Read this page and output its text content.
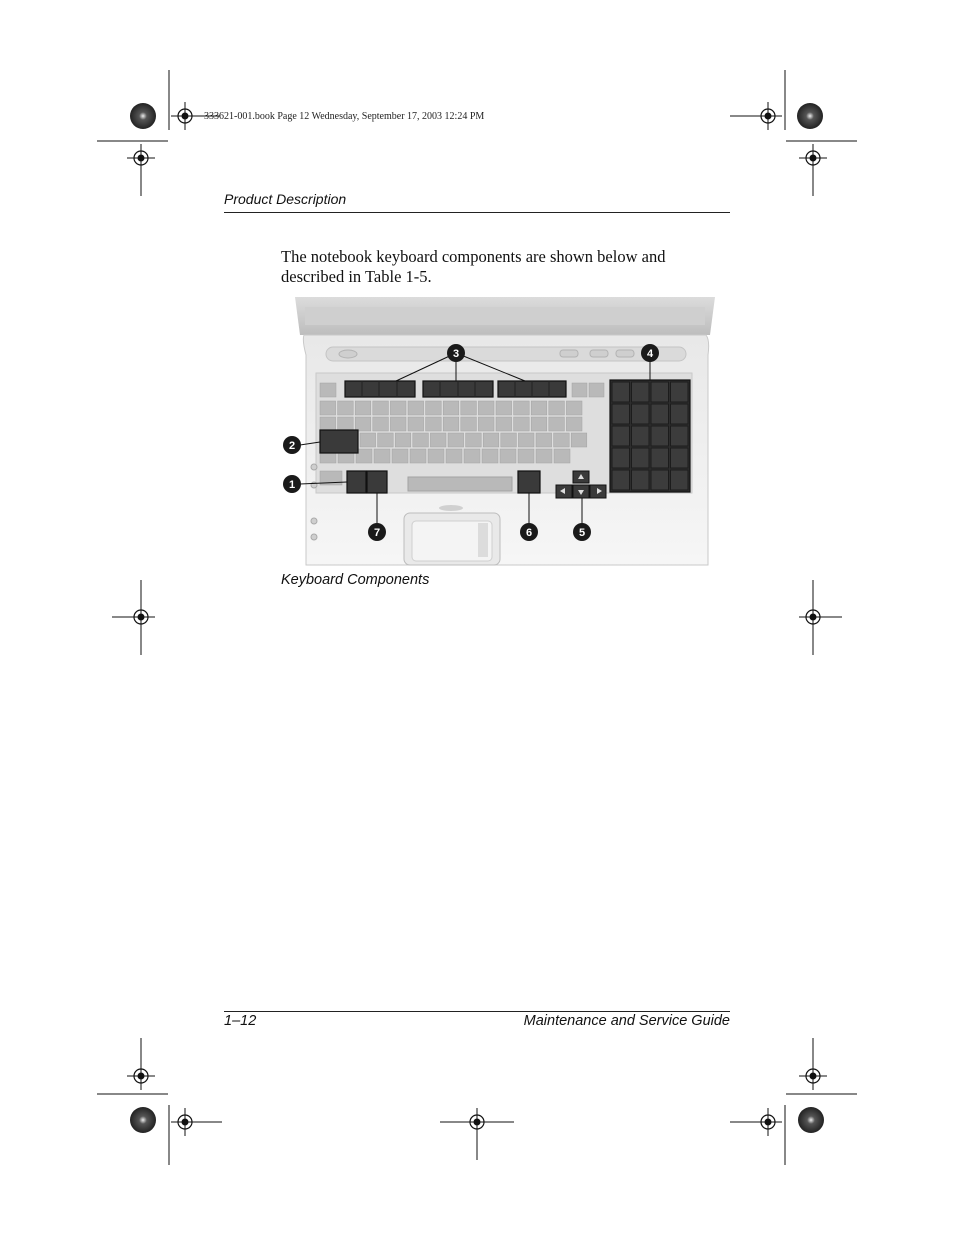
333621-001.book Page 12 Wednesday, September 17, 2003 12:24 PM
Product Description
The notebook keyboard components are shown below and described in Table 1-5.
3	4
2
1
7	6	5
Keyboard Components
1–12	Maintenance and Service Guide
